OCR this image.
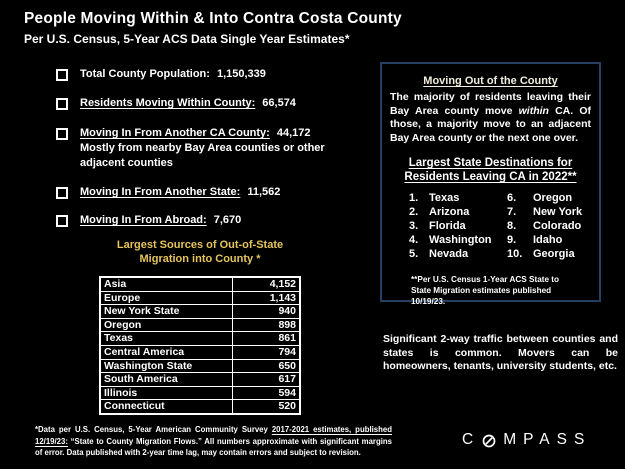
People Moving Within & Into Contra Costa County
Per U.S. Census, 5-Year ACS Data Single Year Estimates*
Total County Population: 1,150,339
Residents Moving Within County: 66,574
Moving In From Another CA County: 44,172
Mostly from nearby Bay Area counties or other adjacent counties
Moving In From Another State: 11,562
Moving In From Abroad: 7,670
Largest Sources of Out-of-State
Migration into County *
Asia	4,152
Europe	1,143
New York State	940
Oregon	898
Texas	861
Central America	794
Washington State	650
South America	617
Illinois	594
Connecticut	520
Moving Out of the County
The majority of residents leaving their Bay Area county move within CA. Of those, a majority move to an adjacent Bay Area county or the next one over.
Largest State Destinations for
Residents Leaving CA in 2022**
1. Texas	6.	Oregon
2. Arizona	7.	New York
3. Florida	8.	Colorado
4. Washington	9.	Idaho
5. Nevada	10. Georgia
**Per U.S. Census 1-Year ACS State to State Migration estimates published 10/19/23.
Significant 2-way traffic between counties and states is common. Movers can be homeowners, tenants, university students, etc.
*Data per U.S. Census, 5-Year American Community Survey 2017-2021 estimates, published 12/19/23: “State to County Migration Flows.” All numbers approximate with significant margins of error. Data published with 2-year time lag, may contain errors and subject to revision.
C MPASS
